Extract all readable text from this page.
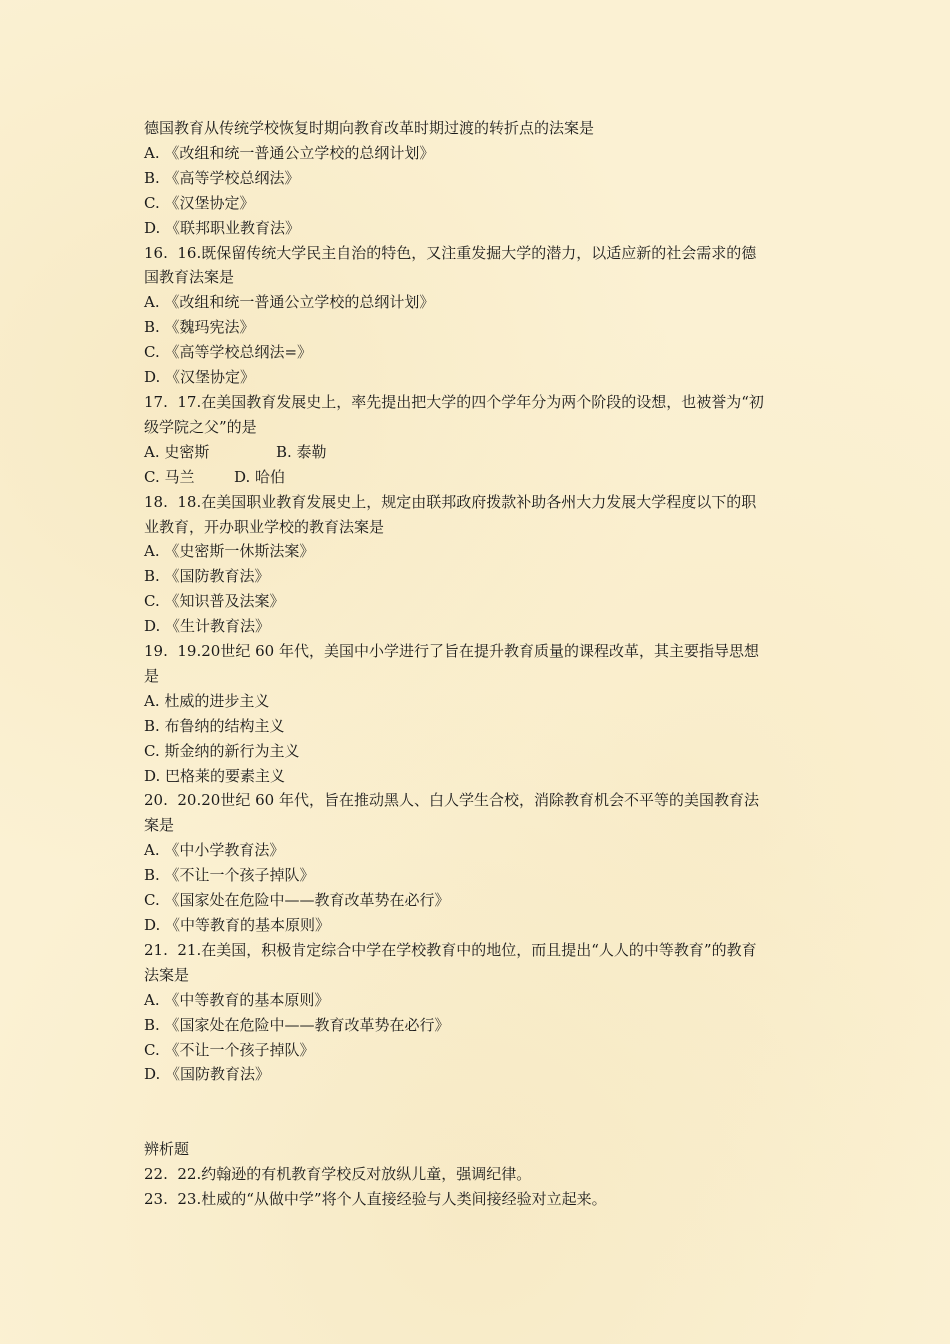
德国教育从传统学校恢复时期向教育改革时期过渡的转折点的法案是

A. 《改组和统一普通公立学校的总纲计划》

B. 《高等学校总纲法》

C. 《汉堡协定》

D. 《联邦职业教育法》

16.  16.既保留传统大学民主自治的特色，又注重发掘大学的潜力，以适应新的社会需求的德

国教育法案是

A. 《改组和统一普通公立学校的总纲计划》

B. 《魏玛宪法》

C. 《高等学校总纲法=》

D. 《汉堡协定》

17.  17.在美国教育发展史上，率先提出把大学的四个学年分为两个阶段的设想，也被誉为“初

级学院之父”的是

A. 史密斯	B. 泰勒

C. 马兰	D. 哈伯

18.  18.在美国职业教育发展史上，规定由联邦政府拨款补助各州大力发展大学程度以下的职

业教育，开办职业学校的教育法案是

A. 《史密斯一休斯法案》

B. 《国防教育法》

C. 《知识普及法案》

D. 《生计教育法》

19.  19.20世纪 60 年代，美国中小学进行了旨在提升教育质量的课程改革，其主要指导思想

是

A. 杜威的进步主义

B. 布鲁纳的结构主义

C. 斯金纳的新行为主义

D. 巴格莱的要素主义

20.  20.20世纪 60 年代，旨在推动黑人、白人学生合校，消除教育机会不平等的美国教育法

案是

A. 《中小学教育法》

B. 《不让一个孩子掉队》

C. 《国家处在危险中——教育改革势在必行》

D. 《中等教育的基本原则》

21.  21.在美国，积极肯定综合中学在学校教育中的地位，而且提出“人人的中等教育”的教育

法案是

A. 《中等教育的基本原则》

B. 《国家处在危险中——教育改革势在必行》

C. 《不让一个孩子掉队》

D. 《国防教育法》

辨析题

22.  22.约翰逊的有机教育学校反对放纵儿童，强调纪律。

23.  23.杜威的“从做中学”将个人直接经验与人类间接经验对立起来。
